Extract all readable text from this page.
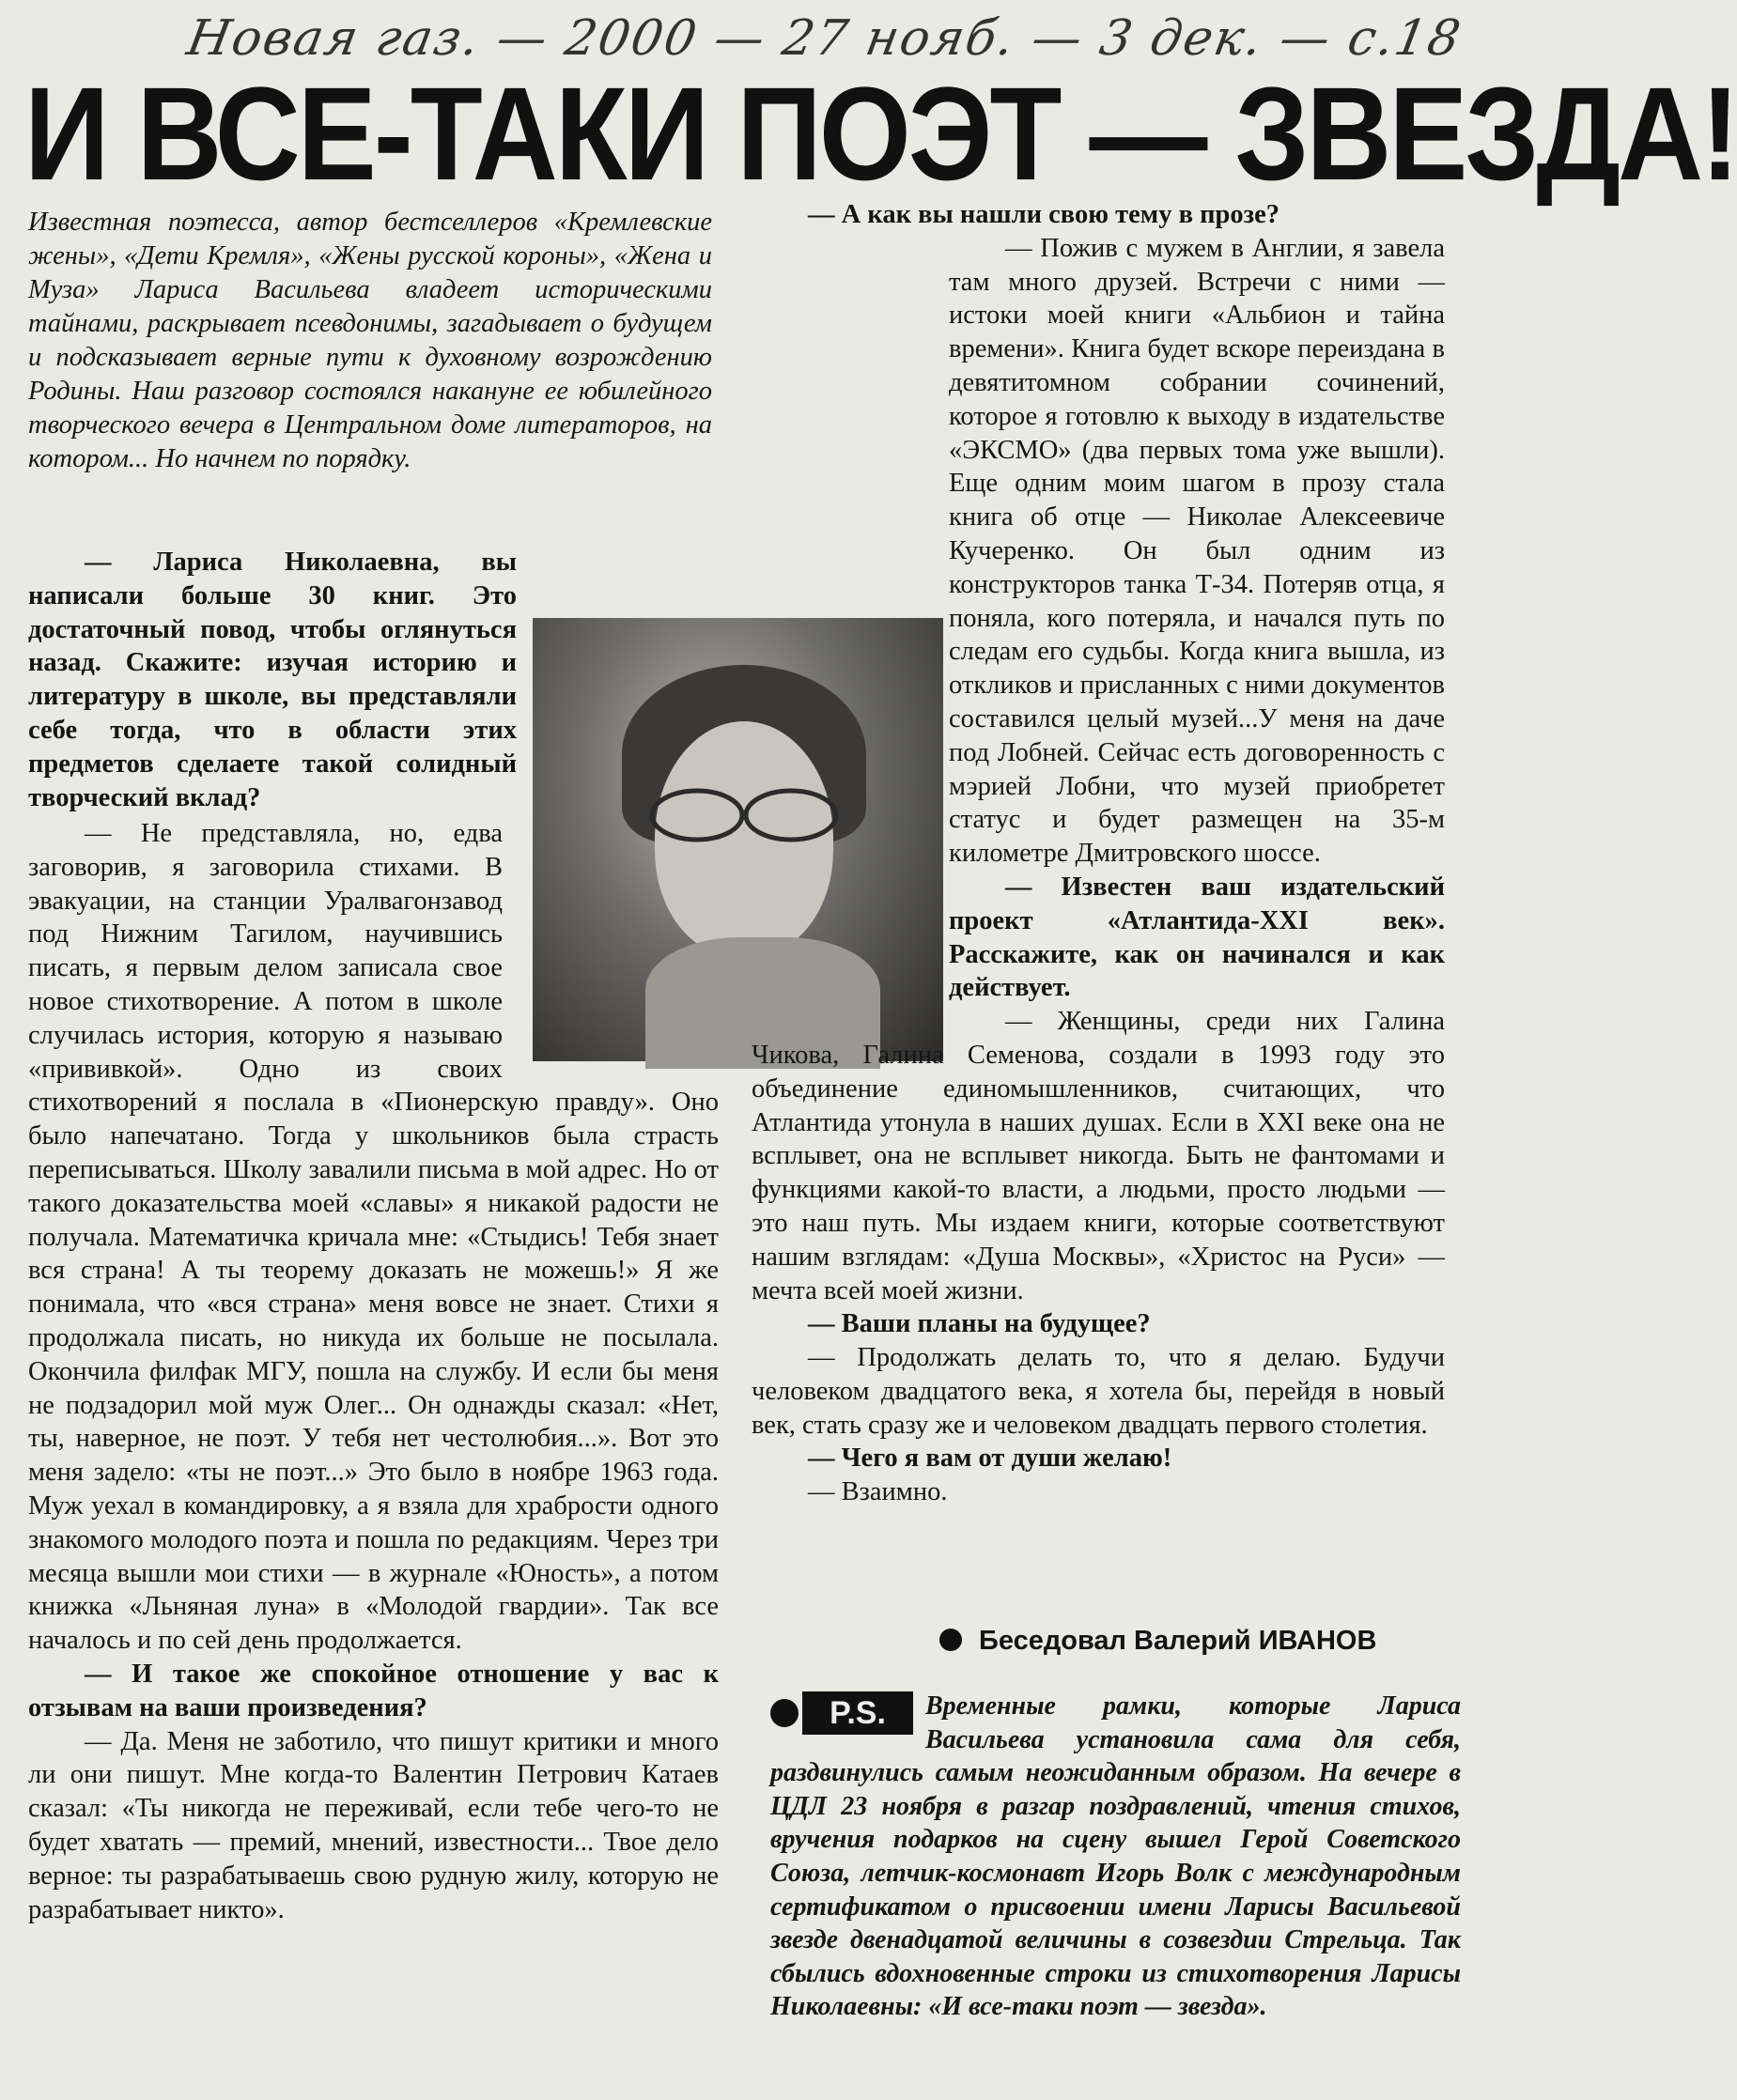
Новая газ. — 2000 — 27 нояб. — 3 дек. — с.18
И ВСЕ-ТАКИ ПОЭТ — ЗВЕЗДА!
Известная поэтесса, автор бестселлеров «Кремлевские жены», «Дети Кремля», «Жены русской короны», «Жена и Муза» Ларисa Васильева владеет историческими тайнами, раскрывает псевдонимы, загадывает о будущем и подсказывает верные пути к духовному возрождению Родины. Наш разговор состоялся накануне ее юбилейного творческого вечера в Центральном доме литераторов, на котором... Но начнем по порядку.

— Лариса Николаевна, вы написали больше 30 книг. Это достаточный повод, чтобы оглянуться назад. Скажите: изучая историю и литературу в школе, вы представляли себе тогда, что в области этих предметов сделаете такой солидный творческий вклад?

— Не представляла, но, едва заговорив, я заговорила стихами. В эвакуации, на станции Уралвагонзавод под Нижним Тагилом, научившись писать, я первым делом записала свое новое стихотворение. А потом в школе случилась история, которую я называю «прививкой». Одно из своих стихотворений я послала в «Пионерскую правду». Оно было напечатано. Тогда у школьников была страсть переписываться. Школу завалили письма в мой адрес. Но от такого доказательства моей «славы» я никакой радости не получала. Математичка кричала мне: «Стыдись! Тебя знает вся страна! А ты теорему доказать не можешь!» Я же понимала, что «вся страна» меня вовсе не знает. Стихи я продолжала писать, но никуда их больше не посылала. Окончила филфак МГУ, пошла на службу. И если бы меня не подзадорил мой муж Олег... Он однажды сказал: «Нет, ты, наверное, не поэт. У тебя нет честолюбия...». Вот это меня задело: «ты не поэт...» Это было в ноябре 1963 года. Муж уехал в командировку, а я взяла для храбрости одного знакомого молодого поэта и пошла по редакциям. Через три месяца вышли мои стихи — в журнале «Юность», а потом книжка «Льняная луна» в «Молодой гвардии». Так все началось и по сей день продолжается.

— И такое же спокойное отношение у вас к отзывам на ваши произведения?

— Да. Меня не заботило, что пишут критики и много ли они пишут. Мне когда-то Валентин Петрович Катаев сказал: «Ты никогда не переживай, если тебе чего-то не будет хватать — премий, мнений, известности... Твое дело верное: ты разрабатываешь свою рудную жилу, которую не разрабатывает никто».

— А как вы нашли свою тему в прозе?

— Пожив с мужем в Англии, я завела там много друзей. Встречи с ними — истоки моей книги «Альбион и тайна времени». Книга будет вскоре переиздана в девятитомном собрании сочинений, которое я готовлю к выходу в издательстве «ЭКСМО» (два первых тома уже вышли). Еще одним моим шагом в прозу стала книга об отце — Николае Алексеевиче Кучеренко. Он был одним из конструкторов танка Т-34. Потеряв отца, я поняла, кого потеряла, и начался путь по следам его судьбы. Когда книга вышла, из откликов и присланных с ними документов составился целый музей...У меня на даче под Лобней. Сейчас есть договоренность с мэрией Лобни, что музей приобретет статус и будет размещен на 35-м километре Дмитровского шоссе.

— Известен ваш издательский проект «Атлантида-XXI век». Расскажите, как он начинался и как действует.

— Женщины, среди них Галина Чикова, Галина Семенова, создали в 1993 году это объединение единомышленников, считающих, что Атлантида утонула в наших душах. Если в XXI веке она не всплывет, она не всплывет никогда. Быть не фантомами и функциями какой-то власти, а людьми, просто людьми — это наш путь. Мы издаем книги, которые соответствуют нашим взглядам: «Душа Москвы», «Христос на Руси» — мечта всей моей жизни.

— Ваши планы на будущее?

— Продолжать делать то, что я делаю. Будучи человеком двадцатого века, я хотела бы, перейдя в новый век, стать сразу же и человеком двадцать первого столетия.

— Чего я вам от души желаю!

— Взаимно.

Беседовал Валерий ИВАНОВ
P.S.	Временные рамки, которые Лариса Васильева установила сама для себя, раздвинулись самым неожиданным образом. На вечере в ЦДЛ 23 ноября в разгар поздравлений, чтения стихов, вручения подарков на сцену вышел Герой Советского Союза, летчик-космонавт Игорь Волк с международным сертификатом о присвоении имени Ларисы Васильевой звезде двенадцатой величины в созвездии Стрельца. Так сбылись вдохновенные строки из стихотворения Ларисы Николаевны: «И все-таки поэт — звезда».
